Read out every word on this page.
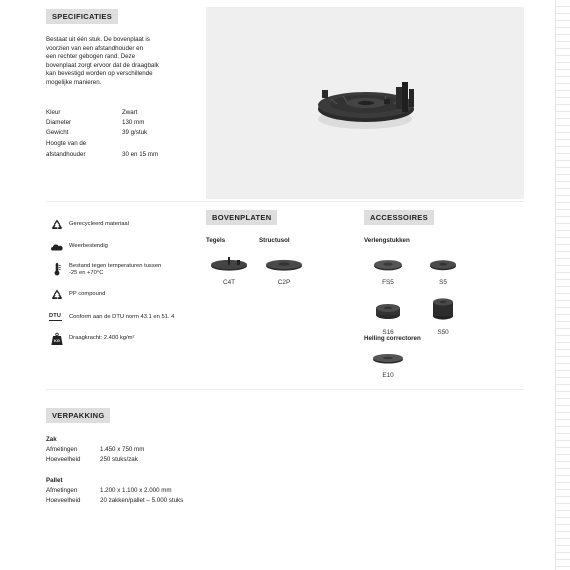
SPECIFICATIES
Bestaat uit één stuk. De bovenplaat is
voorzien van een afstandhouder en
een rechter gebogen rand. Deze
bovenplaat zorgt ervoor dat de draagbalk
kan bevestigd worden op verschillende
mogelijke manieren.
Kleur	Zwart
Diameter	130 mm
Gewicht	39 g/stuk
Hoogte van de
afstandhouder	30 en 15 mm
Gerecycleerd materiaal
Weerbestendig
Bestand tegen temperaturen tussen
-25 en +70°C
PP compound
DTU	Conform aan de DTU norm 43.1 en 51. 4
KG	Draagkracht: 2.400 kg/m²
BOVENPLATEN
Tegels	Structusol
C4T	C2P
ACCESSOIRES
Verlengstukken
FS5	S5
S16	S50
Helling correctoren
E10
VERPAKKING
Zak
Afmetingen	1.450 x 750 mm
Hoeveelheid	250 stuks/zak
Pallet
Afmetingen	1.200 x 1.100 x 2.000 mm
Hoeveelheid	20 zakken/pallet – 5.000 stuks
